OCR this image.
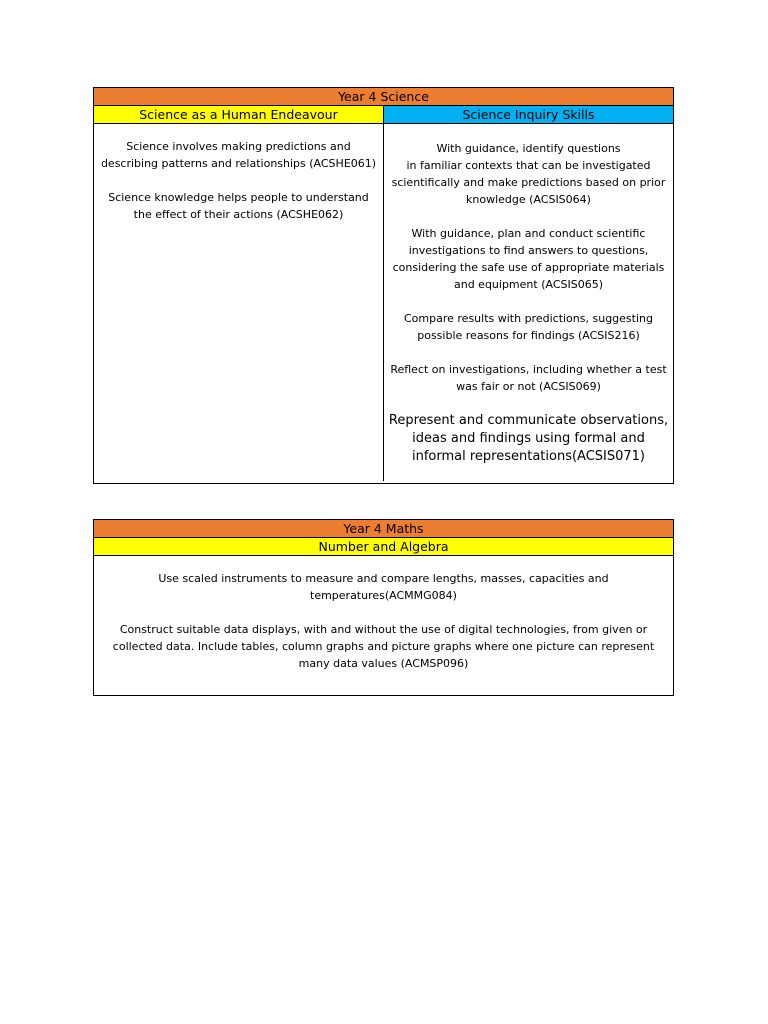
Year 4 Science
Science as a Human Endeavour	Science Inquiry Skills

Science involves making predictions and

describing patterns and relationships (ACSHE061)

Science knowledge helps people to understand

the effect of their actions (ACSHE062)

With guidance, identify questions

in familiar contexts that can be investigated

scientifically and make predictions based on prior

knowledge (ACSIS064)

With guidance, plan and conduct scientific

investigations to find answers to questions,

considering the safe use of appropriate materials

and equipment (ACSIS065)

Compare results with predictions, suggesting

possible reasons for findings (ACSIS216)

Reflect on investigations, including whether a test

was fair or not (ACSIS069)

Represent and communicate observations,

ideas and findings using formal and

informal representations(ACSIS071)

Year 4 Maths
Number and Algebra

Use scaled instruments to measure and compare lengths, masses, capacities and

temperatures(ACMMG084)

Construct suitable data displays, with and without the use of digital technologies, from given or

collected data. Include tables, column graphs and picture graphs where one picture can represent

many data values (ACMSP096)
